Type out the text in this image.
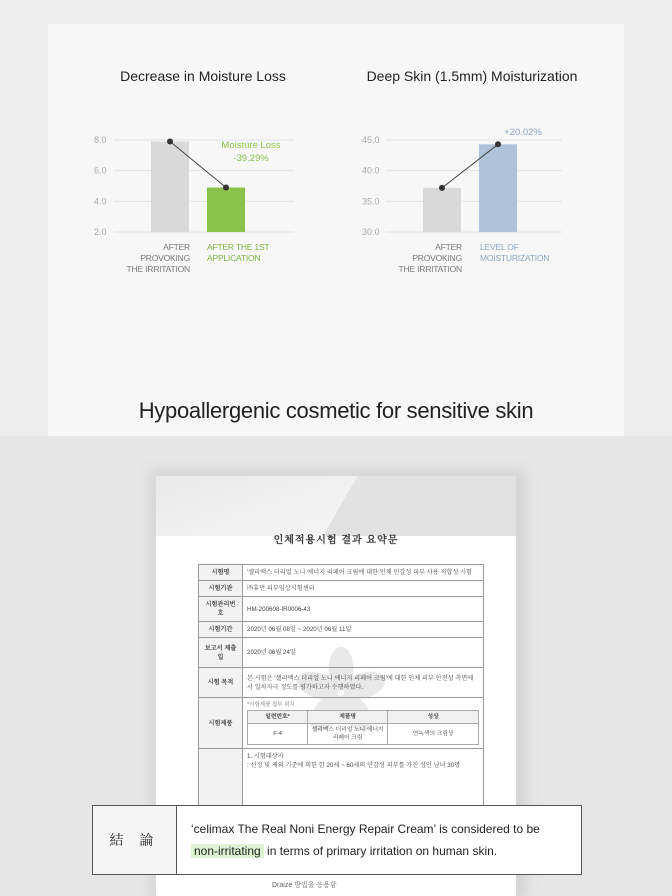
Decrease in Moisture Loss
8.0
6.0
4.0
2.0
Deep Skin (1.5mm) Moisturization
45.0
40.0
35.0
30.0
AFTER PROVOKING
THE IRRITATION
AFTER THE 1ST
APPLICATION
AFTER PROVOKING
THE IRRITATION
LEVEL OF
MOISTURIZATION
Moisture Loss
-39.29%
+20.02%
Hypoallergenic cosmetic for sensitive skin
인체적용시험 결과 요약문
시험명	'셀리맥스 더리얼 노니 에너지 리페어 크림에 대한 인체 민감성 피부 사용 적합성 시험
시험기관	㈜휴먼 피부임상시험센터
시험관리번호	HM-200608-IR0006-43
시험기간	2020년 06월 08일 ~ 2020년 06월 11일
보고서 제출일	2020년 06월 24일
시험 목적	본 시험은 '셀리맥스 더리얼 노니 에너지 리페어 크림'에 대한 인체 피부 안전성 측면에서 일차자극 정도를 평가하고자 수행하였다.
시험제품	
*시험제품 접부 위치
일련번호*	제품명	성상
F-4	셀리맥스 더리얼 노니 에너지 리페어 크림	연녹색의 크림상

1. 시험대상자
: 선정 및 제외 기준에 의한 한 20세 ~ 60세의 민감성 피부를 가진 성인 남녀 30명
結 論
‘celimax The Real Noni Energy Repair Cream’ is considered to be
non-irritating in terms of primary irritation on human skin.
Draize 방법을 응용함
